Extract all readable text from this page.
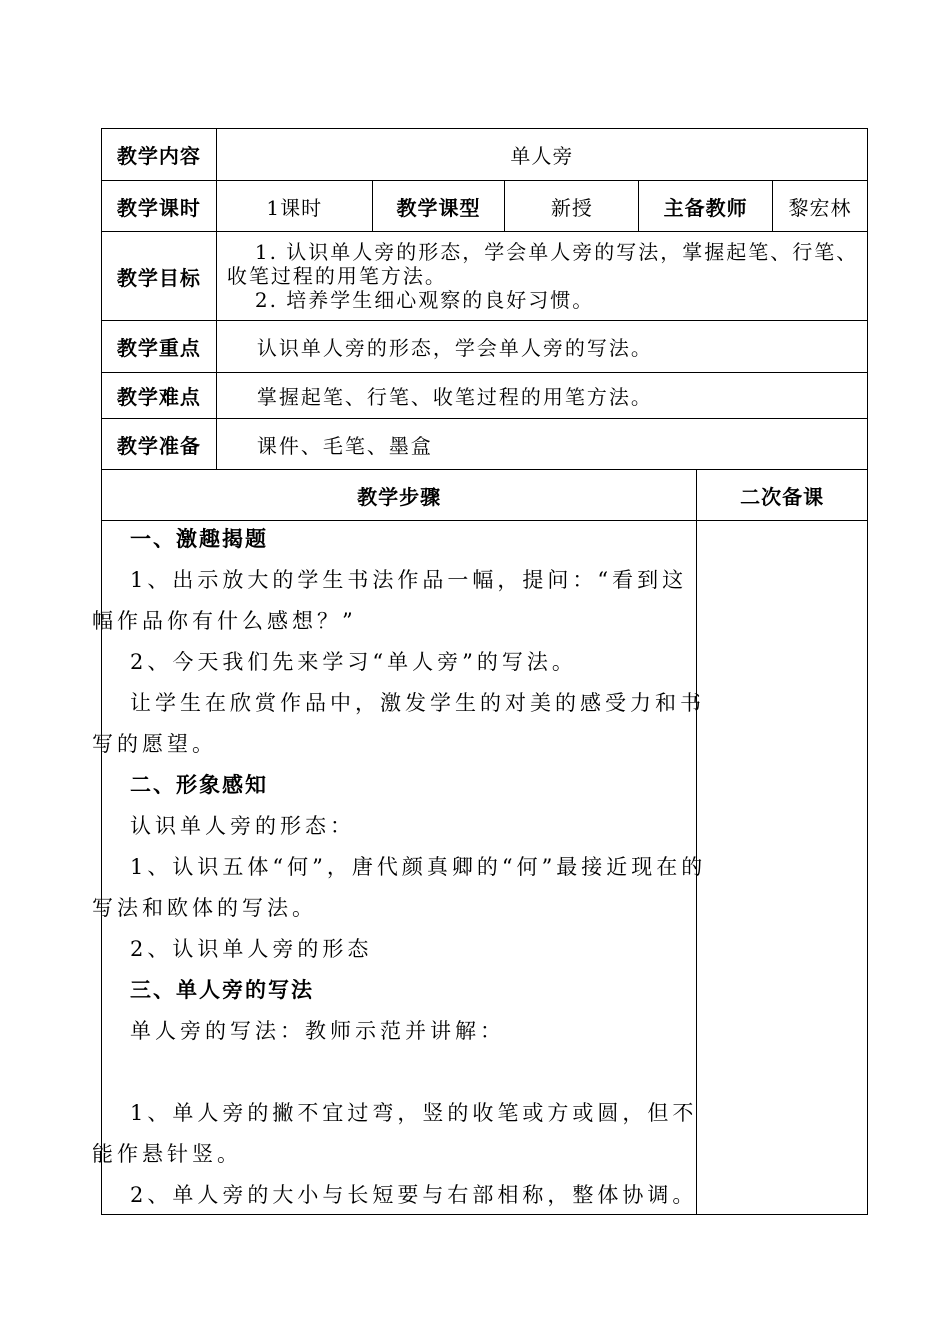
教学内容	单人旁				
教学课时	1课时	教学课型	新授	主备教师	黎宏林
教学目标	1. 认识单人旁的形态，学会单人旁的写法，掌握起笔、行笔、收笔过程的用笔方法。
2. 培养学生细心观察的良好习惯。				

教学重点	认识单人旁的形态，学会单人旁的写法。				
教学难点	掌握起笔、行笔、收笔过程的用笔方法。				
教学准备	课件、毛笔、墨盒				
教学步骤	二次备课

一、激趣揭题

1、出示放大的学生书法作品一幅，提问：“看到这幅作品你有什么感想？”

2、今天我们先来学习“单人旁”的写法。

让学生在欣赏作品中，激发学生的对美的感受力和书写的愿望。

二、形象感知

认识单人旁的形态：

1、认识五体“何”，唐代颜真卿的“何”最接近现在的写法和欧体的写法。

2、认识单人旁的形态

三、单人旁的写法

单人旁的写法：教师示范并讲解：

1、单人旁的撇不宜过弯，竖的收笔或方或圆，但不能作悬针竖。

2、单人旁的大小与长短要与右部相称，整体协调。
